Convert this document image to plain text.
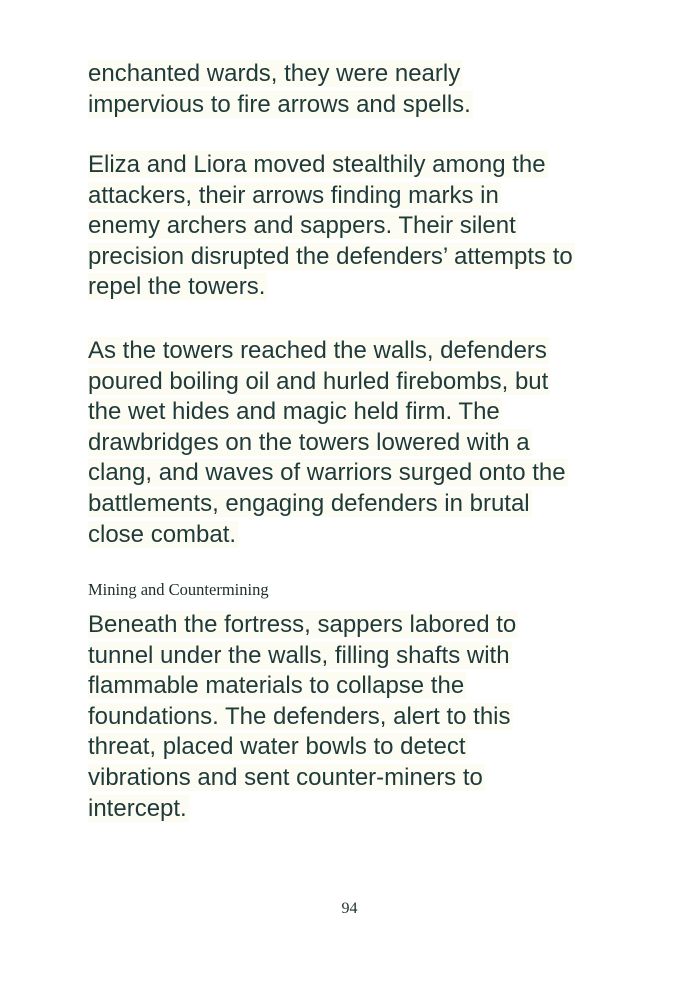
enchanted wards, they were nearly
impervious to fire arrows and spells.
Eliza and Liora moved stealthily among the
attackers, their arrows finding marks in
enemy archers and sappers. Their silent
precision disrupted the defenders’ attempts to
repel the towers.
As the towers reached the walls, defenders
poured boiling oil and hurled firebombs, but
the wet hides and magic held firm. The
drawbridges on the towers lowered with a
clang, and waves of warriors surged onto the
battlements, engaging defenders in brutal
close combat.
Mining and Countermining
Beneath the fortress, sappers labored to
tunnel under the walls, filling shafts with
flammable materials to collapse the
foundations. The defenders, alert to this
threat, placed water bowls to detect
vibrations and sent counter-miners to
intercept.
94
